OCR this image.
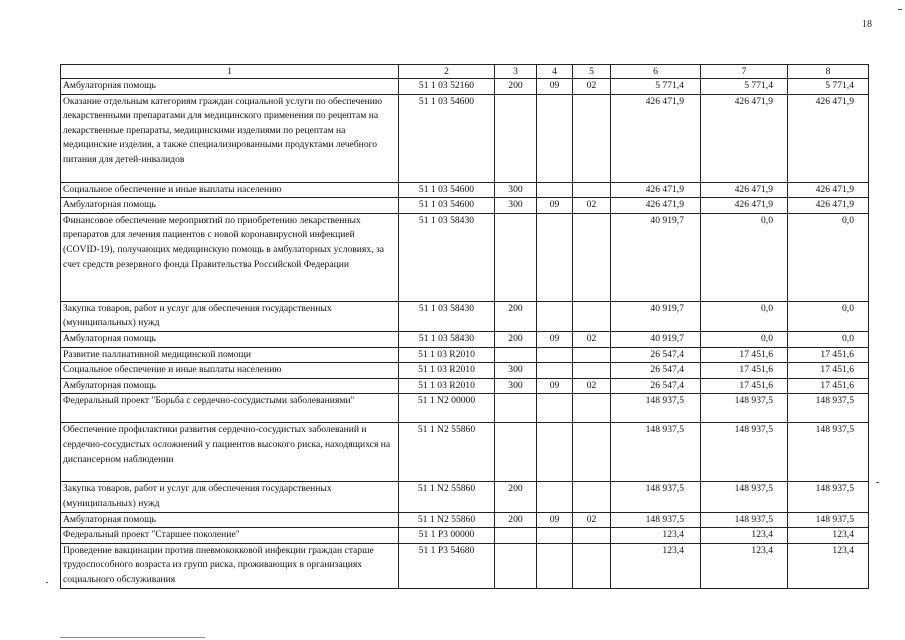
18
1	2	3	4	5	6	7	8
Амбулаторная помощь	51 1 03 52160	200	09	02	5 771,4	5 771,4	5 771,4
Оказание отдельным категориям граждан социальной услуги по обеспечению лекарственными препаратами для медицинского применения по рецептам на лекарственные препараты, медицинскими изделиями по рецептам на медицинские изделия, а также специализированными продуктами лечебного питания для детей-инвалидов	51 1 03 54600				426 471,9	426 471,9	426 471,9
Социальное обеспечение и иные выплаты населению	51 1 03 54600	300			426 471,9	426 471,9	426 471,9
Амбулаторная помощь	51 1 03 54600	300	09	02	426 471,9	426 471,9	426 471,9
Финансовое обеспечение мероприятий по приобретению лекарственных препаратов для лечения пациентов с новой коронавирусной инфекцией (COVID-19), получающих медицинскую помощь в амбулаторных условиях, за счет средств резервного фонда Правительства Российской Федерации	51 1 03 58430				40 919,7	0,0	0,0
Закупка товаров, работ и услуг для обеспечения государственных (муниципальных) нужд	51 1 03 58430	200			40 919,7	0,0	0,0
Амбулаторная помощь	51 1 03 58430	200	09	02	40 919,7	0,0	0,0
Развитие паллиативной медицинской помощи	51 1 03 R2010				26 547,4	17 451,6	17 451,6
Социальное обеспечение и иные выплаты населению	51 1 03 R2010	300			26 547,4	17 451,6	17 451,6
Амбулаторная помощь	51 1 03 R2010	300	09	02	26 547,4	17 451,6	17 451,6
Федеральный проект "Борьба с сердечно-сосудистыми заболеваниями"	51 1 N2 00000				148 937,5	148 937,5	148 937,5
Обеспечение профилактики развития сердечно-сосудистых заболеваний и сердечно-сосудистых осложнений у пациентов высокого риска, находящихся на диспансерном наблюдении	51 1 N2 55860				148 937,5	148 937,5	148 937,5
Закупка товаров, работ и услуг для обеспечения государственных (муниципальных) нужд	51 1 N2 55860	200			148 937,5	148 937,5	148 937,5
Амбулаторная помощь	51 1 N2 55860	200	09	02	148 937,5	148 937,5	148 937,5
Федеральный проект "Старшее поколение"	51 1 P3 00000				123,4	123,4	123,4
Проведение вакцинации против пневмококковой инфекции граждан старше трудоспособного возраста из групп риска, проживающих в организациях социального обслуживания	51 1 P3 54680				123,4	123,4	123,4
